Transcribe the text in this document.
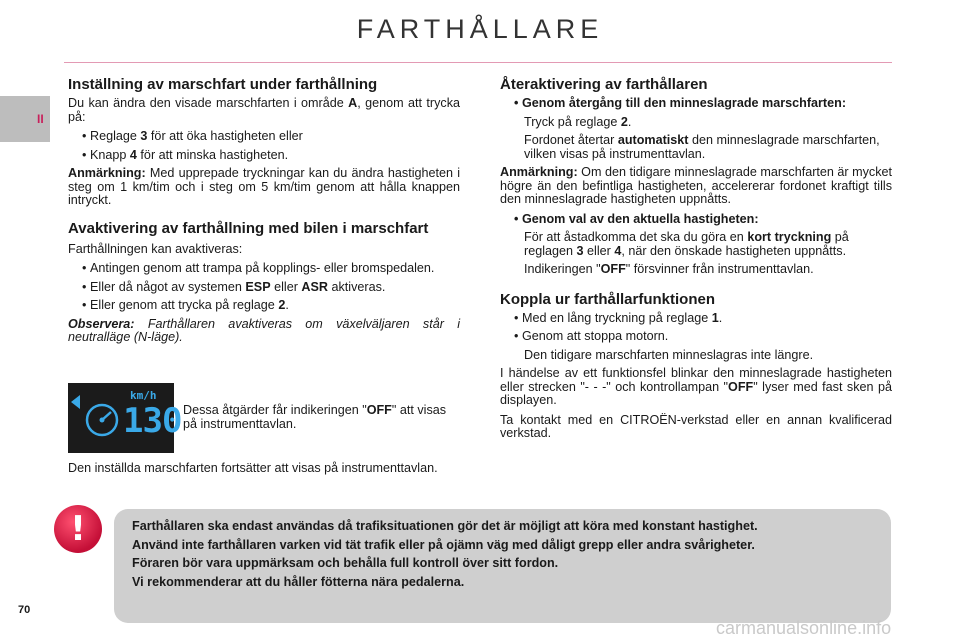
FARTHÅLLARE
II
Inställning av marschfart under farthållning

Du kan ändra den visade marschfarten i område A, genom att trycka på:

• Reglage 3 för att öka hastigheten eller
• Knapp 4 för att minska hastigheten.

Anmärkning: Med upprepade tryckningar kan du ändra hastigheten i steg om 1 km/tim och i steg om 5 km/tim genom att hålla knappen intryckt.

Avaktivering av farthållning med bilen i marschfart

Farthållningen kan avaktiveras:

• Antingen genom att trampa på kopplings- eller bromspedalen.
• Eller då något av systemen ESP eller ASR aktiveras.
• Eller genom att trycka på reglage 2.

Observera: Farthållaren avaktiveras om växelväljaren står i neutralläge (N-läge).

km/h
130 Dessa åtgärder får indikeringen "OFF" att visas på instrumenttavlan.
Den inställda marschfarten fortsätter att visas på instrumenttavlan.
Återaktivering av farthållaren
• Genom återgång till den minneslagrade marschfarten:

Tryck på reglage 2.

Fordonet återtar automatiskt den minneslagrade marschfarten, vilken visas på instrumenttavlan.

Anmärkning: Om den tidigare minneslagrade marschfarten är mycket högre än den befintliga hastigheten, accelererar fordonet kraftigt tills den minneslagrade hastigheten uppnåtts.

• Genom val av den aktuella hastigheten:

För att åstadkomma det ska du göra en kort tryckning på reglagen 3 eller 4, när den önskade hastigheten uppnåtts.

Indikeringen "OFF" försvinner från instrumenttavlan.

Koppla ur farthållarfunktionen
• Med en lång tryckning på reglage 1.
• Genom att stoppa motorn.

Den tidigare marschfarten minneslagras inte längre.

I händelse av ett funktionsfel blinkar den minneslagrade hastigheten eller strecken "- - -" och kontrollampan "OFF" lyser med fast sken på displayen.

Ta kontakt med en CITROËN-verkstad eller en annan kvalificerad verkstad.

!	Farthållaren ska endast användas då trafiksituationen gör det är möjligt att köra med konstant hastighet.

Använd inte farthållaren varken vid tät trafik eller på ojämn väg med dåligt grepp eller andra svårigheter.

Föraren bör vara uppmärksam och behålla full kontroll över sitt fordon.

Vi rekommenderar att du håller fötterna nära pedalerna.

70
carmanualsonline.info
